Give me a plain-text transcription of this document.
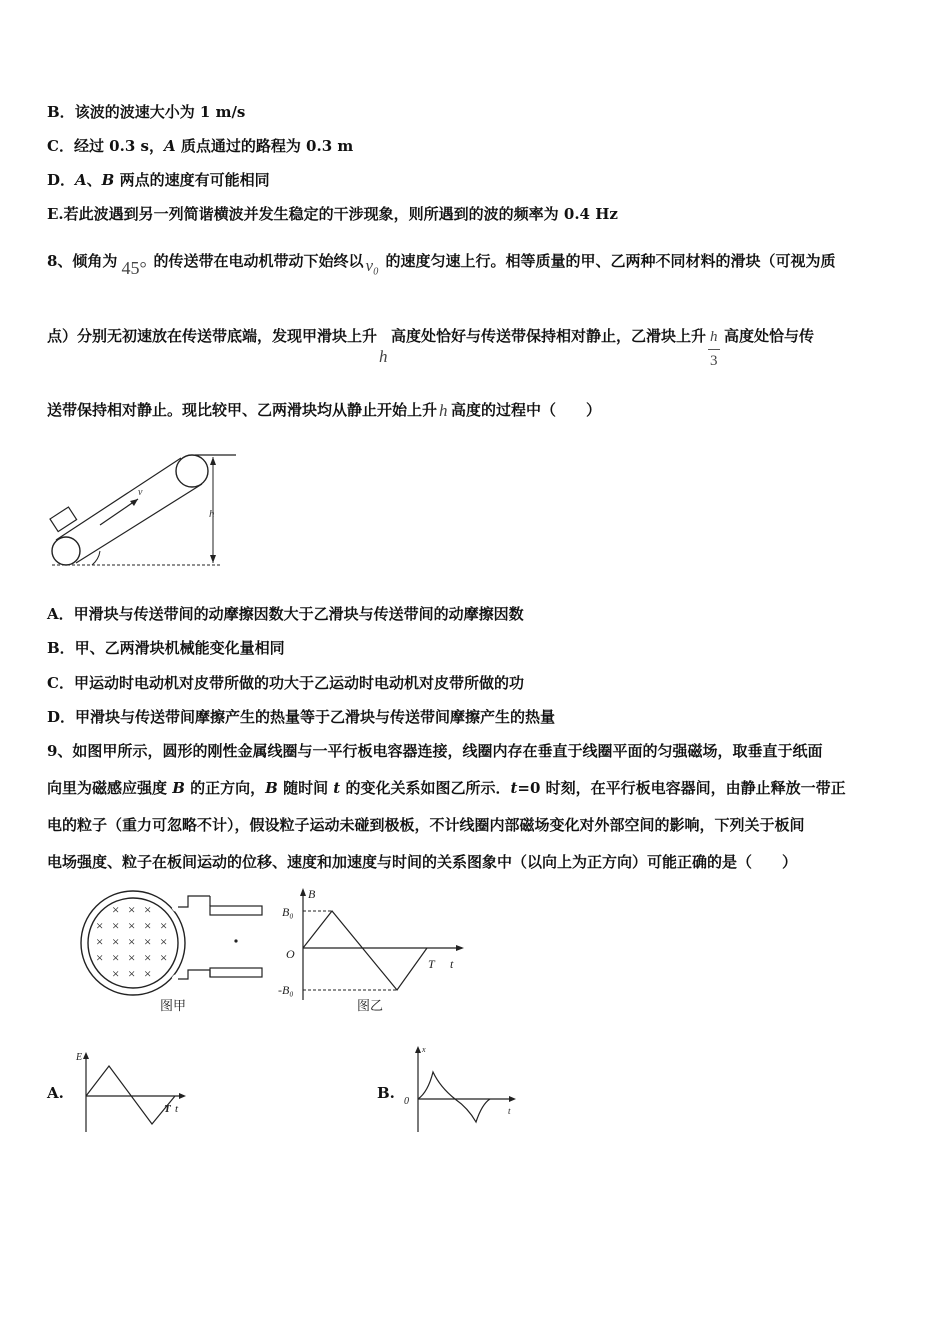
B．该波的波速大小为 1 m/s
C．经过 0.3 s，A 质点通过的路程为 0.3 m
D．A、B 两点的速度有可能相同
E.若此波遇到另一列简谐横波并发生稳定的干涉现象，则所遇到的波的频率为 0.4 Hz
8、倾角为 45° 的传送带在电动机带动下始终以 v₀ 的速度匀速上行。相等质量的甲、乙两种不同材料的滑块（可视为质
点）分别无初速放在传送带底端，发现甲滑块上升
h
高度处恰好与传送带保持相对静止，乙滑块上升
$\frac{h}{3}$
高度处恰与传
送带保持相对静止。现比较甲、乙两滑块均从静止开始上升 h 高度的过程中（　　）
v
h
A．甲滑块与传送带间的动摩擦因数大于乙滑块与传送带间的动摩擦因数
B．甲、乙两滑块机械能变化量相同
C．甲运动时电动机对皮带所做的功大于乙运动时电动机对皮带所做的功
D．甲滑块与传送带间摩擦产生的热量等于乙滑块与传送带间摩擦产生的热量
9、如图甲所示，圆形的刚性金属线圈与一平行板电容器连接，线圈内存在垂直于线圈平面的匀强磁场，取垂直于纸面
向里为磁感应强度 B 的正方向，B 随时间 t 的变化关系如图乙所示．t=0 时刻，在平行板电容器间，由静止释放一带正
电的粒子（重力可忽略不计），假设粒子运动未碰到极板，不计线圈内部磁场变化对外部空间的影响，下列关于板间
电场强度、粒子在板间运动的位移、速度和加速度与时间的关系图象中（以向上为正方向）可能正确的是（　　）
× × ×
× × × × ×
× × × × ×
× × × × ×
× × ×
图甲
B
B₀
-B₀
O
T t
图乙
A.
E
T t
B.
x
0
t
